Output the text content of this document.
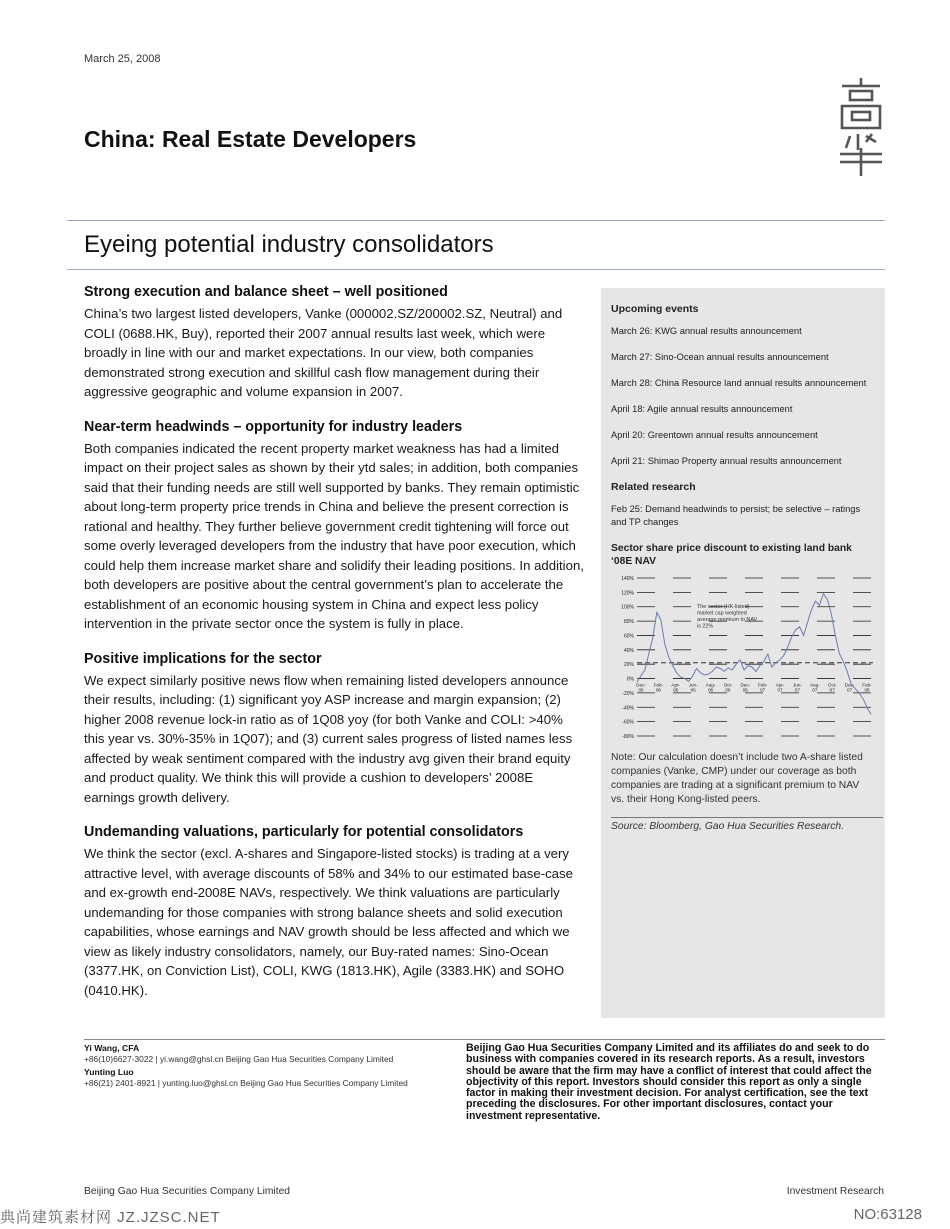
March 25, 2008
China: Real Estate Developers
Eyeing potential industry consolidators
Strong execution and balance sheet – well positioned

China’s two largest listed developers, Vanke (000002.SZ/200002.SZ, Neutral) and COLI (0688.HK, Buy), reported their 2007 annual results last week, which were broadly in line with our and market expectations. In our view, both companies demonstrated strong execution and skillful cash flow management during their aggressive geographic and volume expansion in 2007.

Near-term headwinds – opportunity for industry leaders

Both companies indicated the recent property market weakness has had a limited impact on their project sales as shown by their ytd sales; in addition, both companies said that their funding needs are still well supported by banks. They remain optimistic about long-term property price trends in China and believe the present correction is rational and healthy. They further believe government credit tightening will force out some overly leveraged developers from the industry that have poor execution, which could help them increase market share and solidify their leading positions. In addition, both developers are positive about the central government’s plan to accelerate the establishment of an economic housing system in China and expect less policy intervention in the private sector once the system is fully in place.

Positive implications for the sector

We expect similarly positive news flow when remaining listed developers announce their results, including: (1) significant yoy ASP increase and margin expansion; (2) higher 2008 revenue lock-in ratio as of 1Q08 yoy (for both Vanke and COLI: >40% this year vs. 30%-35% in 1Q07); and (3) current sales progress of listed names less affected by weak sentiment compared with the industry avg given their brand equity and product quality. We think this will provide a cushion to developers’ 2008E earnings growth delivery.

Undemanding valuations, particularly for potential consolidators

We think the sector (excl. A-shares and Singapore-listed stocks) is trading at a very attractive level, with average discounts of 58% and 34% to our estimated base-case and ex-growth end-2008E NAVs, respectively. We think valuations are particularly undemanding for those companies with strong balance sheets and solid execution capabilities, whose earnings and NAV growth should be less affected and which we view as likely industry consolidators, namely, our Buy-rated names: Sino-Ocean (3377.HK, on Conviction List), COLI, KWG (1813.HK), Agile (3383.HK) and SOHO (0410.HK).

Upcoming events
March 26: KWG annual results announcement
March 27: Sino-Ocean annual results announcement
March 28: China Resource land annual results announcement
April 18: Agile annual results announcement
April 20: Greentown annual results announcement
April 21: Shimao Property annual results announcement
Related research
Feb 25: Demand headwinds to persist; be selective – ratings and TP changes
Sector share price discount to existing land bank ‘08E NAV
140%
120%
100%
80%
60%
40%
20%
0%
-20%
-40%
-60%
-80%
Dec-
05
Feb-
06
Apr-
06
Jun-
06
Aug-
06
Oct-
06
Dec-
06
Feb-
07
Apr-
07
Jun-
07
Aug-
07
Oct-
07
Dec-
07
Feb-
08
The sector (HK-listed)
market cap weighted
average premium to NAV
is 22%
Note: Our calculation doesn’t include two A-share listed companies (Vanke, CMP) under our coverage as both companies are trading at a significant premium to NAV vs. their Hong Kong-listed peers.
Source: Bloomberg, Gao Hua Securities Research.
Yi Wang, CFA
+86(10)6627-3022 | yi.wang@ghsl.cn Beijing Gao Hua Securities Company Limited
Yunting Luo
+86(21) 2401-8921 | yunting.luo@ghsl.cn Beijing Gao Hua Securities Company Limited
Beijing Gao Hua Securities Company Limited and its affiliates do and seek to do business with companies covered in its research reports. As a result, investors should be aware that the firm may have a conflict of interest that could affect the objectivity of this report. Investors should consider this report as only a single factor in making their investment decision. For analyst certification, see the text preceding the disclosures. For other important disclosures, contact your investment representative.
Beijing Gao Hua Securities Company Limited	Investment Research
典尚建筑素材网 JZ.JZSC.NET	NO:63128
